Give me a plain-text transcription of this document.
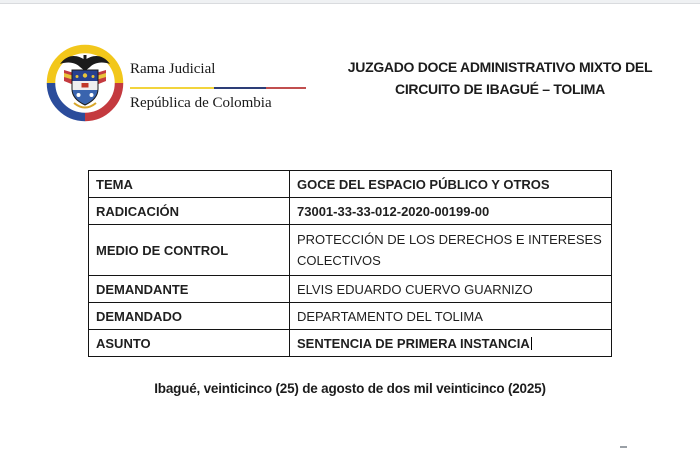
Rama Judicial
República de Colombia
JUZGADO DOCE ADMINISTRATIVO MIXTO DEL
CIRCUITO DE IBAGUÉ – TOLIMA
TEMA	GOCE DEL ESPACIO PÚBLICO Y OTROS
RADICACIÓN	73001-33-33-012-2020-00199-00
MEDIO DE CONTROL	PROTECCIÓN DE LOS DERECHOS E INTERESES COLECTIVOS
DEMANDANTE	ELVIS EDUARDO CUERVO GUARNIZO
DEMANDADO	DEPARTAMENTO DEL TOLIMA
ASUNTO	SENTENCIA DE PRIMERA INSTANCIA
Ibagué, veinticinco (25) de agosto de dos mil veinticinco (2025)
